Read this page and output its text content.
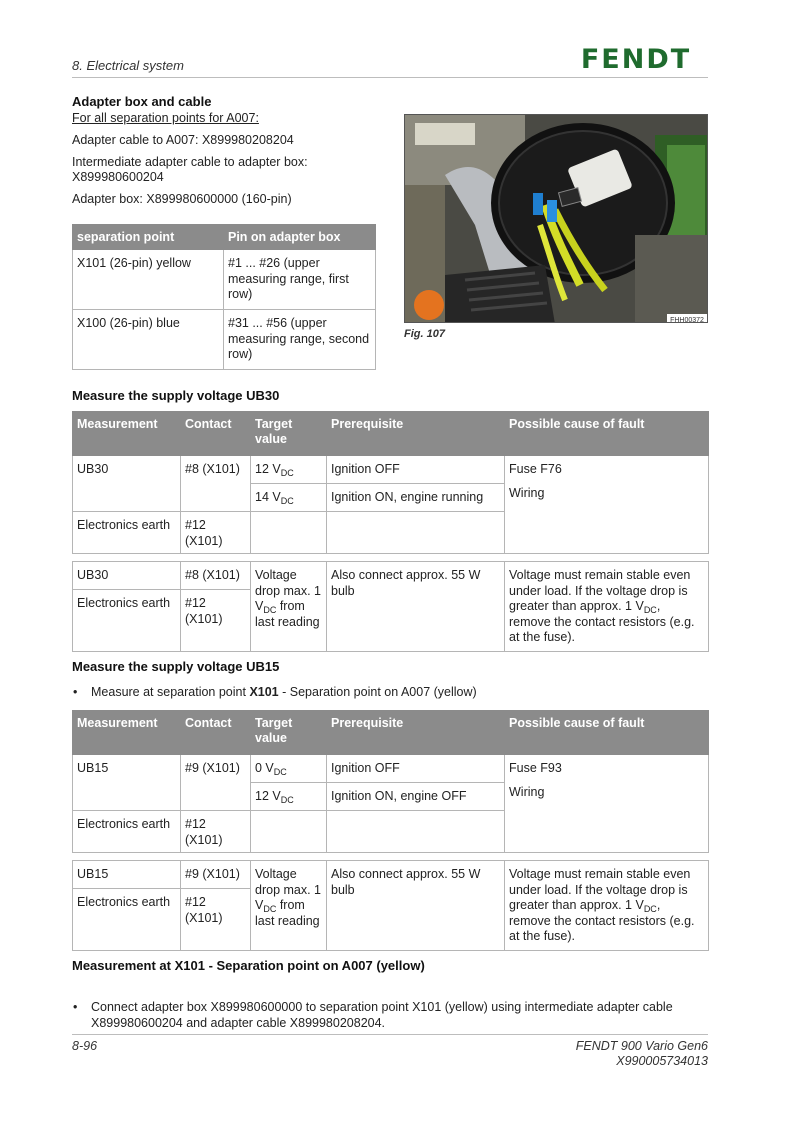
8. Electrical system	FENDT
Adapter box and cable
For all separation points for A007:
Adapter cable to A007: X899980208204
Intermediate adapter cable to adapter box: X899980600204
Adapter box: X899980600000 (160-pin)
separation point	Pin on adapter box
X101 (26-pin) yellow	#1 ... #26 (upper measuring range, first row)
X100 (26-pin) blue	#31 ... #56 (upper measuring range, second row)
FHH00372
Fig. 107
Measure the supply voltage UB30
Measurement	Contact	Target value	Prerequisite	Possible cause of fault
UB30	#8 (X101)	12 $V_{DC}$	Ignition OFF	Fuse F76
Wiring

		14 $V_{DC}$	Ignition ON, engine running	
Electronics earth	#12 (X101)			

UB30	#8 (X101)	Voltage drop max. 1 $V_{DC}$ from last reading	Also connect approx. 55 W bulb	Voltage must remain stable even under load. If the voltage drop is greater than approx. 1 $V_{DC}$, remove the contact resistors (e.g. at the fuse).
Electronics earth	#12 (X101)			
Measure the supply voltage UB15
• Measure at separation point X101 - Separation point on A007 (yellow)
Measurement	Contact	Target value	Prerequisite	Possible cause of fault
UB15	#9 (X101)	0 $V_{DC}$	Ignition OFF	Fuse F93
Wiring

		12 $V_{DC}$	Ignition ON, engine OFF	
Electronics earth	#12 (X101)			

UB15	#9 (X101)	Voltage drop max. 1 $V_{DC}$ from last reading	Also connect approx. 55 W bulb	Voltage must remain stable even under load. If the voltage drop is greater than approx. 1 $V_{DC}$, remove the contact resistors (e.g. at the fuse).
Electronics earth	#12 (X101)			
Measurement at X101 - Separation point on A007 (yellow)
• Connect adapter box X899980600000 to separation point X101 (yellow) using intermediate adapter cable X899980600204 and adapter cable X899980208204.
8-96	FENDT 900 Vario Gen6
X990005734013
